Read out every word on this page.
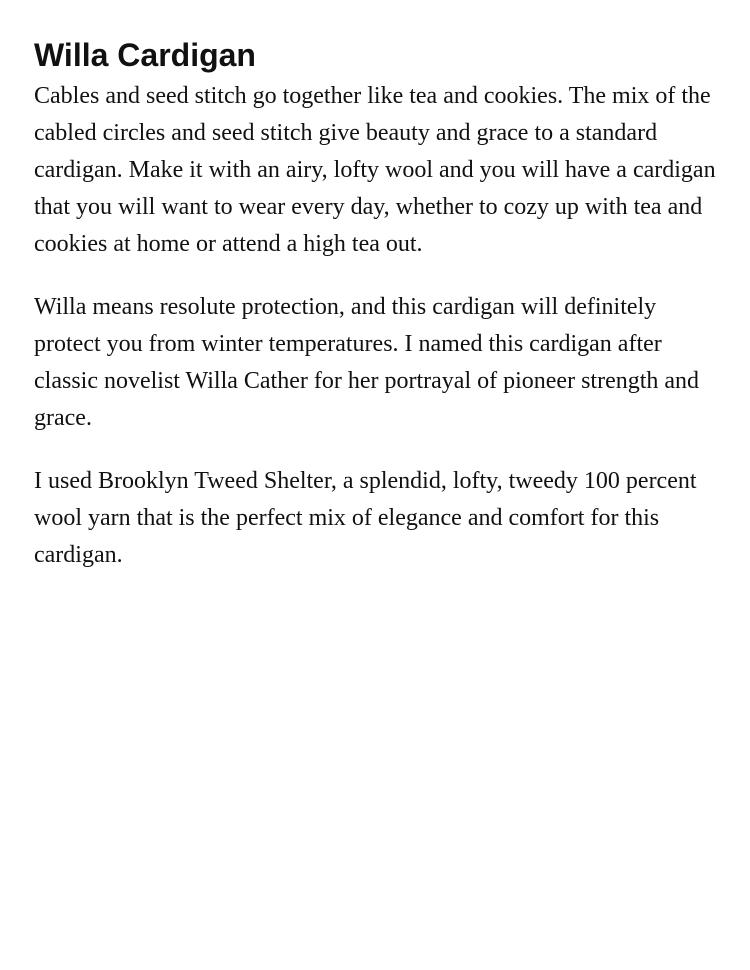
Willa Cardigan

Cables and seed stitch go together like tea and cookies. The mix of the cabled circles and seed stitch give beauty and grace to a standard cardigan. Make it with an airy, lofty wool and you will have a cardigan that you will want to wear every day, whether to cozy up with tea and cookies at home or attend a high tea out.

Willa means resolute protection, and this cardigan will definitely protect you from winter temperatures. I named this cardigan after classic novelist Willa Cather for her portrayal of pioneer strength and grace.

I used Brooklyn Tweed Shelter, a splendid, lofty, tweedy 100 percent wool yarn that is the perfect mix of elegance and comfort for this cardigan.
